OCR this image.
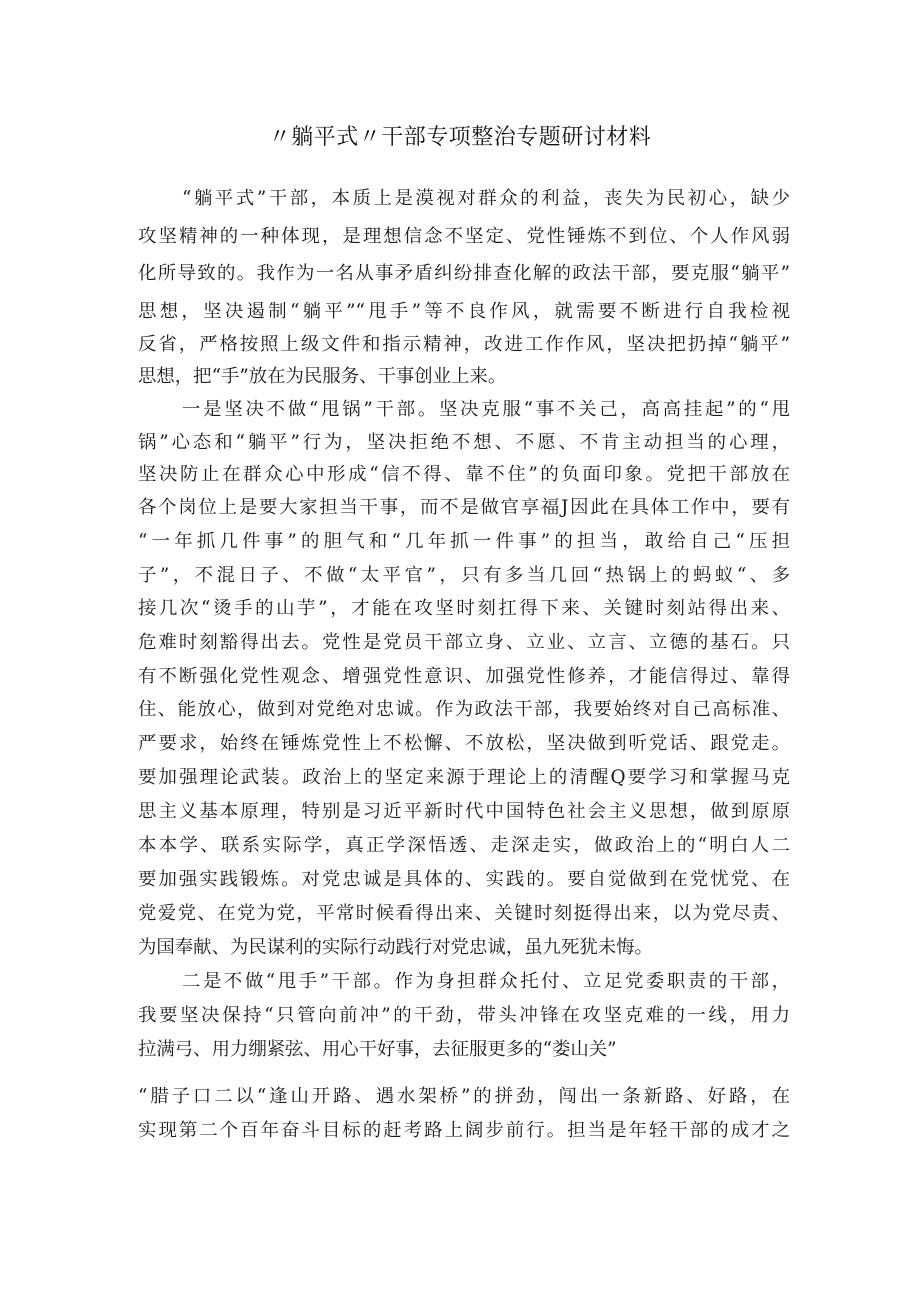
〃躺平式〃干部专项整治专题研讨材料
“躺平式”干部，本质上是漠视对群众的利益，丧失为民初心，缺少
攻坚精神的一种体现，是理想信念不坚定、党性锤炼不到位、个人作风弱
化所导致的。我作为一名从事矛盾纠纷排查化解的政法干部，要克服“躺平”
思想，坚决遏制“躺平”“甩手”等不良作风，就需要不断进行自我检视
反省，严格按照上级文件和指示精神，改进工作作风，坚决把扔掉“躺平”
思想，把“手”放在为民服务、干事创业上来。
一是坚决不做“甩锅”干部。坚决克服“事不关己，高高挂起”的“甩
锅”心态和“躺平”行为，坚决拒绝不想、不愿、不肯主动担当的心理，
坚决防止在群众心中形成“信不得、靠不住”的负面印象。党把干部放在
各个岗位上是要大家担当干事，而不是做官享福J因此在具体工作中，要有
“一年抓几件事”的胆气和“几年抓一件事”的担当，敢给自己“压担
子”，不混日子、不做“太平官”，只有多当几回“热锅上的蚂蚁“、多
接几次“烫手的山芋”，才能在攻坚时刻扛得下来、关键时刻站得出来、
危难时刻豁得出去。党性是党员干部立身、立业、立言、立德的基石。只
有不断强化党性观念、增强党性意识、加强党性修养，才能信得过、靠得
住、能放心，做到对党绝对忠诚。作为政法干部，我要始终对自己高标准、
严要求，始终在锤炼党性上不松懈、不放松，坚决做到听党话、跟党走。
要加强理论武装。政治上的坚定来源于理论上的清醒Q要学习和掌握马克
思主义基本原理，特别是习近平新时代中国特色社会主义思想，做到原原
本本学、联系实际学，真正学深悟透、走深走实，做政治上的“明白人二
要加强实践锻炼。对党忠诚是具体的、实践的。要自觉做到在党忧党、在
党爱党、在党为党，平常时候看得出来、关键时刻挺得出来，以为党尽责、
为国奉献、为民谋利的实际行动践行对党忠诚，虽九死犹未悔。
二是不做“甩手”干部。作为身担群众托付、立足党委职责的干部，
我要坚决保持“只管向前冲”的干劲，带头冲锋在攻坚克难的一线，用力
拉满弓、用力绷紧弦、用心干好事，去征服更多的“娄山关”
“腊子口二以“逢山开路、遇水架桥”的拼劲，闯出一条新路、好路，在
实现第二个百年奋斗目标的赶考路上阔步前行。担当是年轻干部的成才之
